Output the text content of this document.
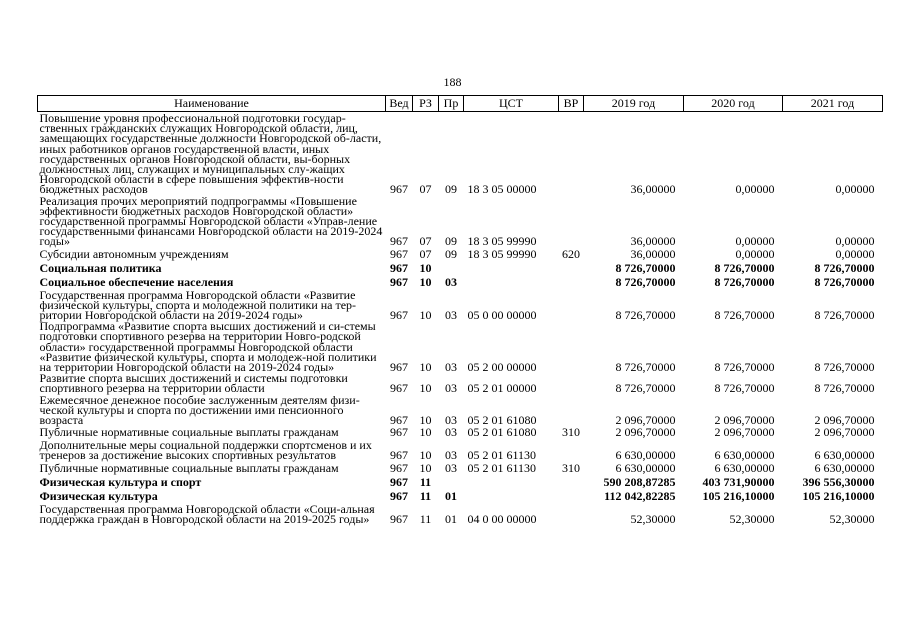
188
Наименование	Вед	РЗ	Пр	ЦСТ	ВР	2019 год	2020 год	2021 год
Повышение уровня профессиональной подготовки государ-ственных гражданских служащих Новгородской области, лиц, замещающих государственные должности Новгородской об-ласти, иных работников органов государственной власти, иных государственных органов Новгородской области, вы-борных должностных лиц, служащих и муниципальных слу-жащих Новгородской области в сфере повышения эффектив-ности бюджетных расходов	967	07	09	18 3 05 00000		36,00000	0,00000	0,00000
Реализация прочих мероприятий подпрограммы «Повышение эффективности бюджетных расходов Новгородской области» государственной программы Новгородской области «Управ-ление государственными финансами Новгородской области на 2019-2024 годы»	967	07	09	18 3 05 99990		36,00000	0,00000	0,00000
Субсидии автономным учреждениям	967	07	09	18 3 05 99990	620	36,00000	0,00000	0,00000
Социальная политика	967	10				8 726,70000	8 726,70000	8 726,70000
Социальное обеспечение населения	967	10	03			8 726,70000	8 726,70000	8 726,70000
Государственная программа Новгородской области «Развитие физической культуры, спорта и молодежной политики на тер-ритории Новгородской области на 2019-2024 годы»	967	10	03	05 0 00 00000		8 726,70000	8 726,70000	8 726,70000
Подпрограмма «Развитие спорта высших достижений и си-стемы подготовки спортивного резерва на территории Новго-родской области» государственной программы Новгородской области «Развитие физической культуры, спорта и молодеж-ной политики на территории Новгородской области на 2019-2024 годы»	967	10	03	05 2 00 00000		8 726,70000	8 726,70000	8 726,70000
Развитие спорта высших достижений и системы подготовки спортивного резерва на территории области	967	10	03	05 2 01 00000		8 726,70000	8 726,70000	8 726,70000
Ежемесячное денежное пособие заслуженным деятелям физи-ческой культуры и спорта по достижении ими пенсионного возраста	967	10	03	05 2 01 61080		2 096,70000	2 096,70000	2 096,70000
Публичные нормативные социальные выплаты гражданам	967	10	03	05 2 01 61080	310	2 096,70000	2 096,70000	2 096,70000
Дополнительные меры социальной поддержки спортсменов и их тренеров за достижение высоких спортивных результатов	967	10	03	05 2 01 61130		6 630,00000	6 630,00000	6 630,00000
Публичные нормативные социальные выплаты гражданам	967	10	03	05 2 01 61130	310	6 630,00000	6 630,00000	6 630,00000
Физическая культура и спорт	967	11				590 208,87285	403 731,90000	396 556,30000
Физическая культура	967	11	01			112 042,82285	105 216,10000	105 216,10000
Государственная программа Новгородской области «Соци-альная поддержка граждан в Новгородской области на 2019-2025 годы»	967	11	01	04 0 00 00000		52,30000	52,30000	52,30000
